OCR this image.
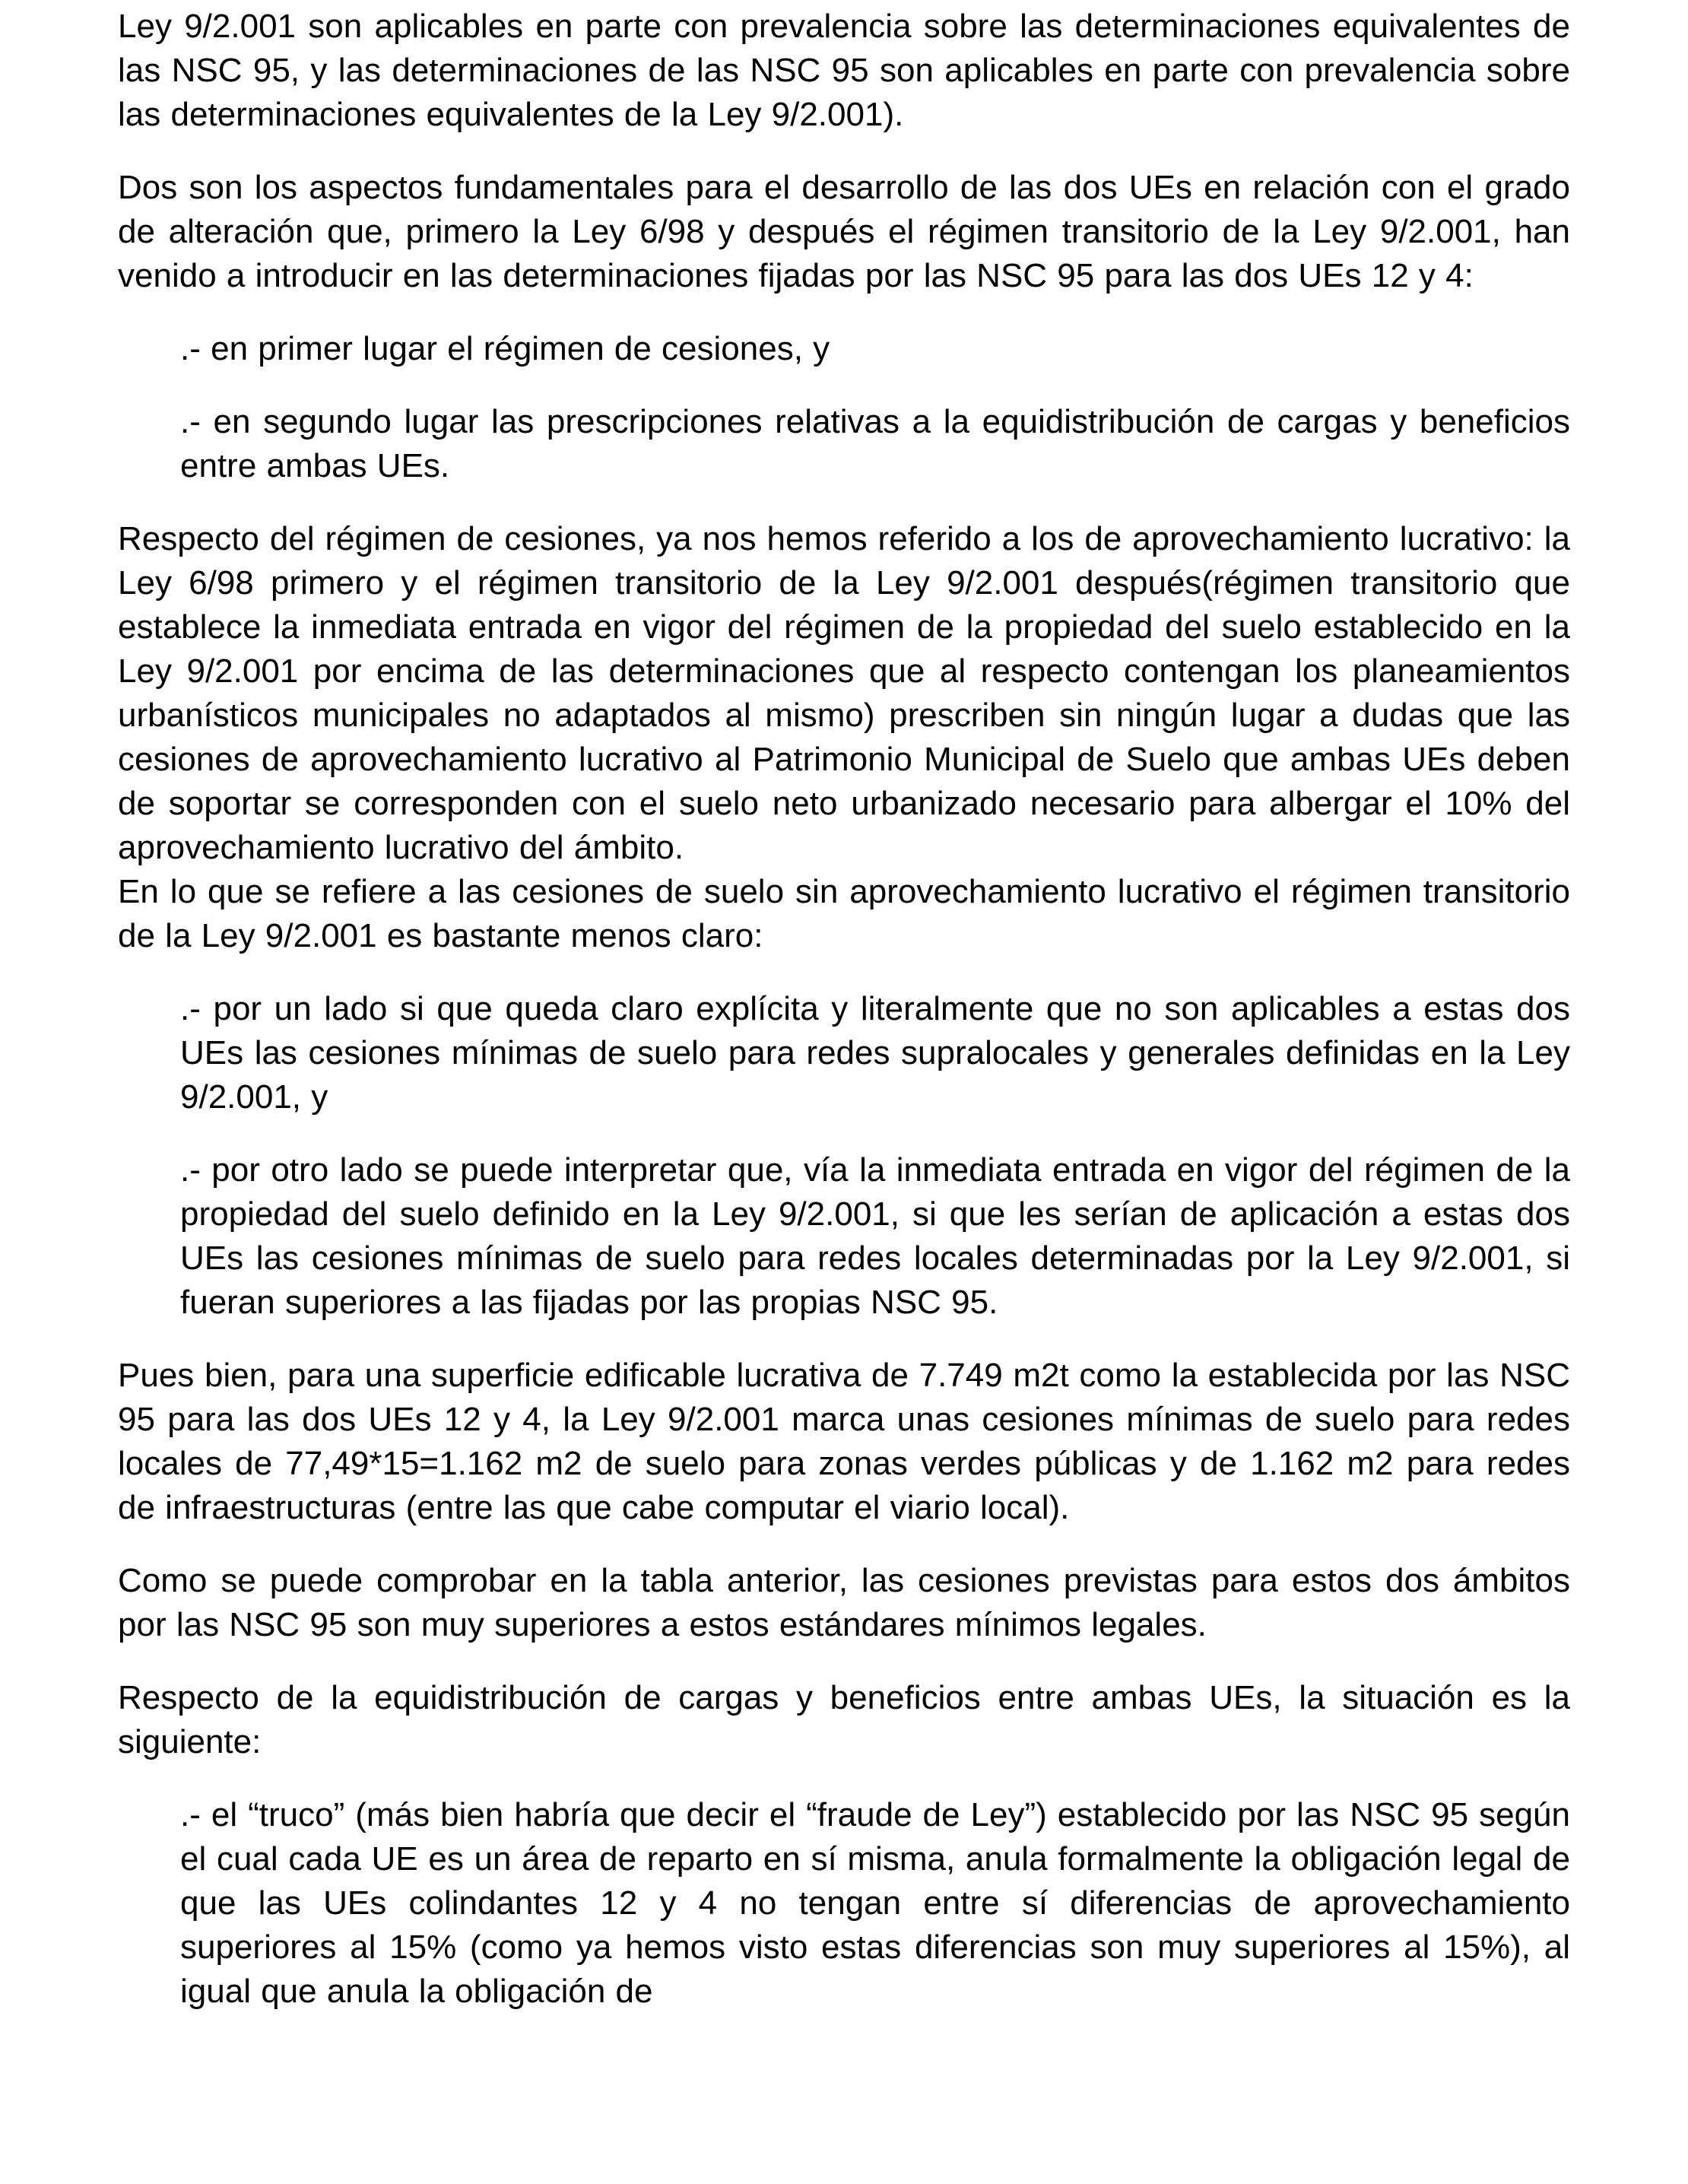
Ley 9/2.001 son aplicables en parte con prevalencia sobre las determinaciones equivalentes de las NSC 95, y las determinaciones de las NSC 95 son aplicables en parte con prevalencia sobre las determinaciones equivalentes de la Ley 9/2.001).

Dos son los aspectos fundamentales para el desarrollo de las dos UEs en relación con el grado de alteración que, primero la Ley 6/98 y después el régimen transitorio de la Ley 9/2.001, han venido a introducir en las determinaciones fijadas por las NSC 95 para las dos UEs 12 y 4:

.- en primer lugar el régimen de cesiones, y

.- en segundo lugar las prescripciones relativas a la equidistribución de cargas y beneficios entre ambas UEs.

Respecto del régimen de cesiones, ya nos hemos referido a los de aprovechamiento lucrativo: la Ley 6/98 primero y el régimen transitorio de la Ley 9/2.001 después(régimen transitorio que establece la inmediata entrada en vigor del régimen de la propiedad del suelo establecido en la Ley 9/2.001 por encima de las determinaciones que al respecto contengan los planeamientos urbanísticos municipales no adaptados al mismo) prescriben sin ningún lugar a dudas que las cesiones de aprovechamiento lucrativo al Patrimonio Municipal de Suelo que ambas UEs deben de soportar se corresponden con el suelo neto urbanizado necesario para albergar el 10% del aprovechamiento lucrativo del ámbito.

En lo que se refiere a las cesiones de suelo sin aprovechamiento lucrativo el régimen transitorio de la Ley 9/2.001 es bastante menos claro:

.- por un lado si que queda claro explícita y literalmente que no son aplicables a estas dos UEs las cesiones mínimas de suelo para redes supralocales y generales definidas en la Ley 9/2.001, y

.- por otro lado se puede interpretar que, vía la inmediata entrada en vigor del régimen de la propiedad del suelo definido en la Ley 9/2.001, si que les serían de aplicación a estas dos UEs las cesiones mínimas de suelo para redes locales determinadas por la Ley 9/2.001, si fueran superiores a las fijadas por las propias NSC 95.

Pues bien, para una superficie edificable lucrativa de 7.749 m2t como la establecida por las NSC 95 para las dos UEs 12 y 4, la Ley 9/2.001 marca unas cesiones mínimas de suelo para redes locales de 77,49*15=1.162 m2 de suelo para zonas verdes públicas y de 1.162 m2 para redes de infraestructuras (entre las que cabe computar el viario local).

Como se puede comprobar en la tabla anterior, las cesiones previstas para estos dos ámbitos por las NSC 95 son muy superiores a estos estándares mínimos legales.

Respecto de la equidistribución de cargas y beneficios entre ambas UEs, la situación es la siguiente:

.- el “truco” (más bien habría que decir el “fraude de Ley”) establecido por las NSC 95 según el cual cada UE es un área de reparto en sí misma, anula formalmente la obligación legal de que las UEs colindantes 12 y 4 no tengan entre sí diferencias de aprovechamiento superiores al 15% (como ya hemos visto estas diferencias son muy superiores al 15%), al igual que anula la obligación de
